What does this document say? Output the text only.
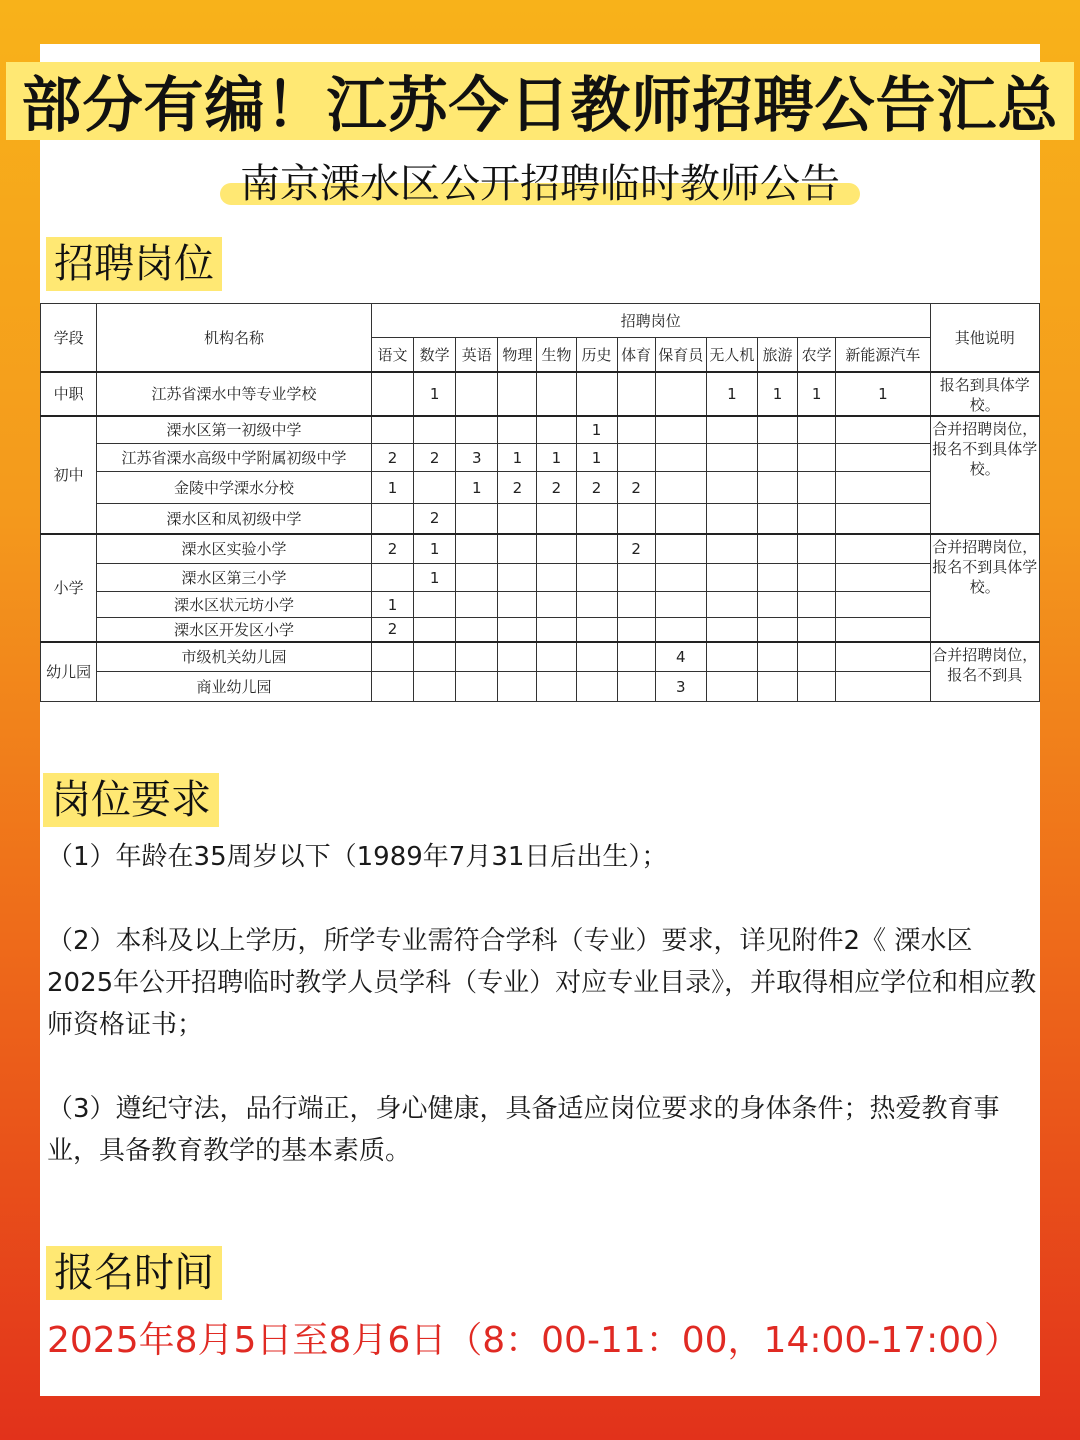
部分有编！江苏今日教师招聘公告汇总
南京溧水区公开招聘临时教师公告
招聘岗位
学段	机构名称	招聘岗位												其他说明
		语文	数学	英语	物理	生物	历史	体育	保育员	无人机	旅游	农学	新能源汽车	
中职	江苏省溧水中等专业学校		1							1	1	1	1	报名到具体学校。
初中	溧水区第一初级中学						1							合并招聘岗位，报名不到具体学校。
	江苏省溧水高级中学附属初级中学	2	2	3	1	1	1							
	金陵中学溧水分校	1		1	2	2	2	2						
	溧水区和凤初级中学		2											
小学	溧水区实验小学	2	1					2						合并招聘岗位，报名不到具体学校。
	溧水区第三小学		1											
	溧水区状元坊小学	1												
	溧水区开发区小学	2												
幼儿园	市级机关幼儿园								4					合并招聘岗位，报名不到具
	商业幼儿园								3					
岗位要求

（1）年龄在35周岁以下（1989年7月31日后出生）；

（2）本科及以上学历，所学专业需符合学科（专业）要求，详见附件2《 溧水区2025年公开招聘临时教学人员学科（专业）对应专业目录》，并取得相应学位和相应教师资格证书；

（3）遵纪守法，品行端正，身心健康，具备适应岗位要求的身体条件；热爱教育事业，具备教育教学的基本素质。

报名时间
2025年8月5日至8月6日（8：00-11：00，14:00-17:00）
